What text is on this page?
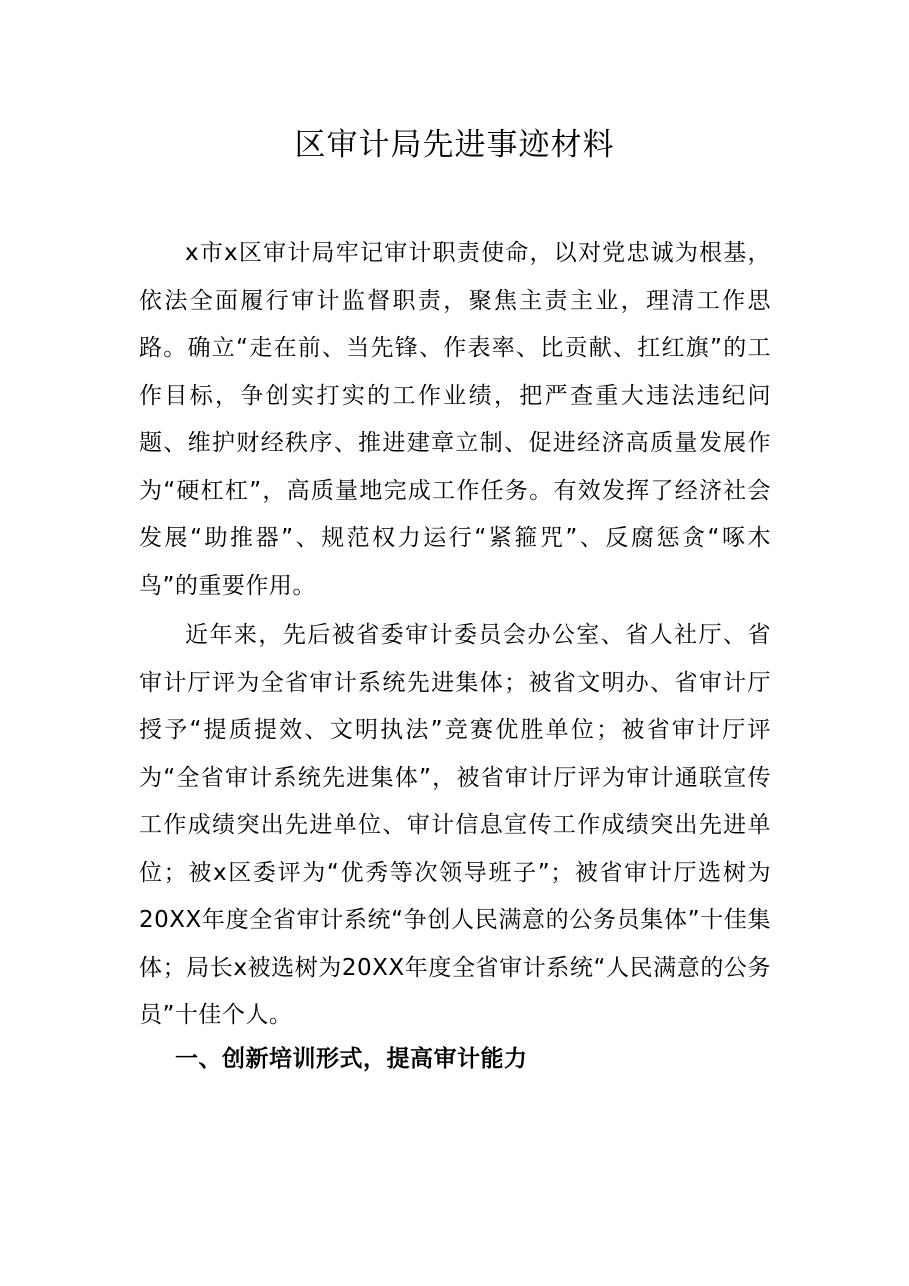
区审计局先进事迹材料

x市x区审计局牢记审计职责使命，以对党忠诚为根基，依法全面履行审计监督职责，聚焦主责主业，理清工作思路。确立“走在前、当先锋、作表率、比贡献、扛红旗”的工作目标，争创实打实的工作业绩，把严查重大违法违纪问题、维护财经秩序、推进建章立制、促进经济高质量发展作为“硬杠杠”，高质量地完成工作任务。有效发挥了经济社会发展“助推器”、规范权力运行“紧箍咒”、反腐惩贪“啄木鸟”的重要作用。

近年来，先后被省委审计委员会办公室、省人社厅、省审计厅评为全省审计系统先进集体；被省文明办、省审计厅授予“提质提效、文明执法”竞赛优胜单位；被省审计厅评为“全省审计系统先进集体”，被省审计厅评为审计通联宣传工作成绩突出先进单位、审计信息宣传工作成绩突出先进单位；被x区委评为“优秀等次领导班子”；被省审计厅选树为20XX年度全省审计系统“争创人民满意的公务员集体”十佳集体；局长x被选树为20XX年度全省审计系统“人民满意的公务员”十佳个人。

一、创新培训形式，提高审计能力
